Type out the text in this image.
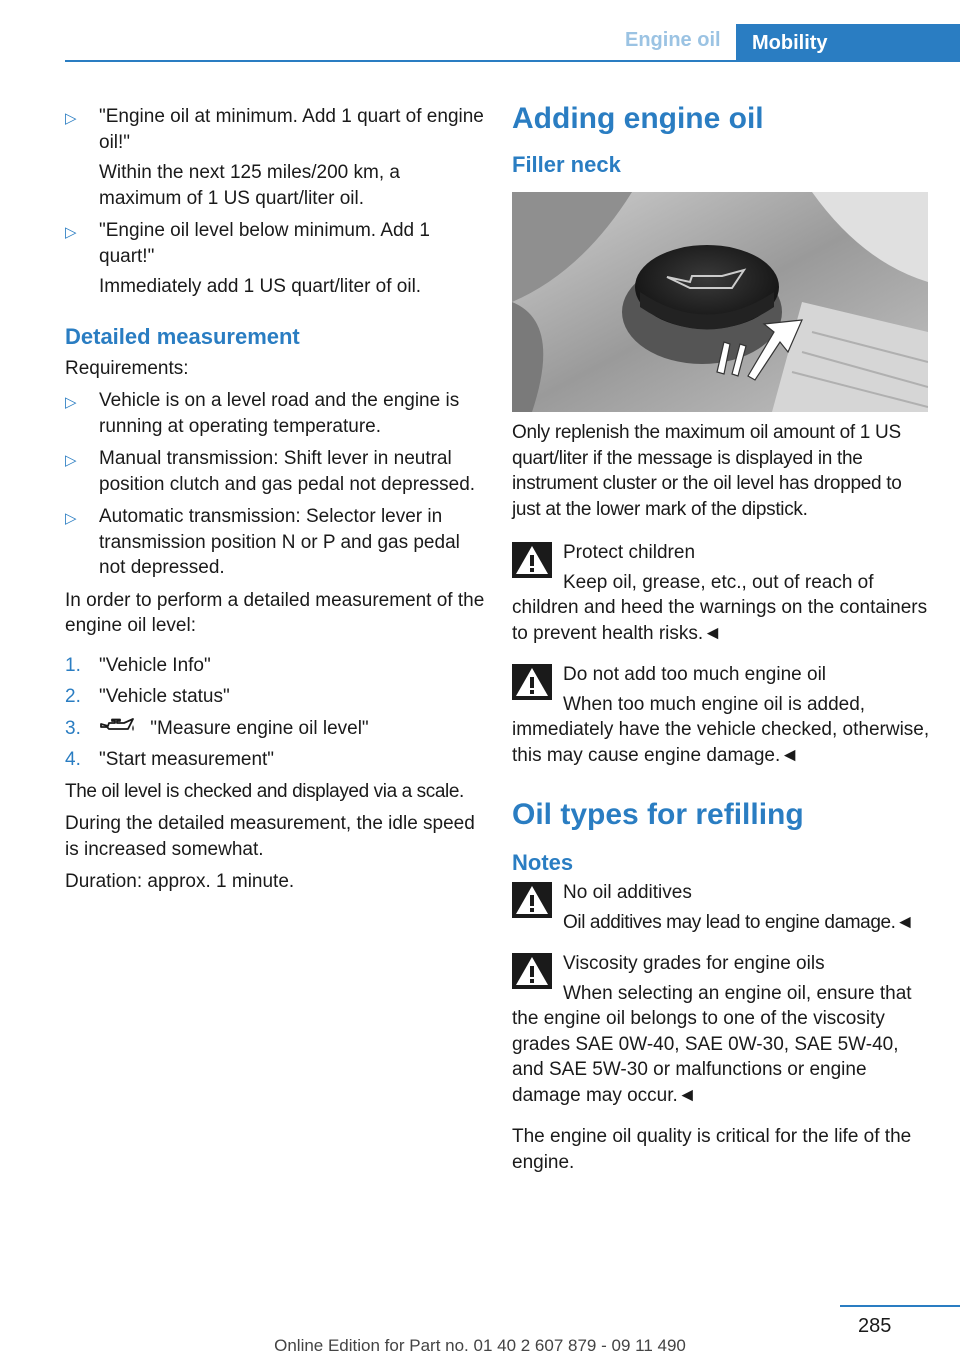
Engine oil	Mobility
▷ "Engine oil at minimum. Add 1 quart of engine oil!"

Within the next 125 miles/200 km, a maximum of 1 US quart/liter oil.

▷ "Engine oil level below minimum. Add 1 quart!"

Immediately add 1 US quart/liter of oil.

Detailed measurement

Requirements:

▷ Vehicle is on a level road and the engine is running at operating temperature.

▷ Manual transmission: Shift lever in neutral position clutch and gas pedal not depressed.

▷ Automatic transmission: Selector lever in transmission position N or P and gas pedal not depressed.

In order to perform a detailed measurement of the engine oil level:

1. "Vehicle Info"
2. "Vehicle status"
3.	"Measure engine oil level"
4. "Start measurement"

The oil level is checked and displayed via a scale.

During the detailed measurement, the idle speed is increased somewhat.

Duration: approx. 1 minute.

Adding engine oil
Filler neck

Only replenish the maximum oil amount of 1 US quart/liter if the message is displayed in the instrument cluster or the oil level has dropped to just at the lower mark of the dipstick.

Protect children

Keep oil, grease, etc., out of reach of children and heed the warnings on the containers to prevent health risks.◄

Do not add too much engine oil

When too much engine oil is added, immediately have the vehicle checked, otherwise, this may cause engine damage.◄

Oil types for refilling
Notes

No oil additives

Oil additives may lead to engine damage.◄

Viscosity grades for engine oils

When selecting an engine oil, ensure that the engine oil belongs to one of the viscosity grades SAE 0W-40, SAE 0W-30, SAE 5W-40, and SAE 5W-30 or malfunctions or engine damage may occur.◄

The engine oil quality is critical for the life of the engine.

285
Online Edition for Part no. 01 40 2 607 879 - 09 11 490
